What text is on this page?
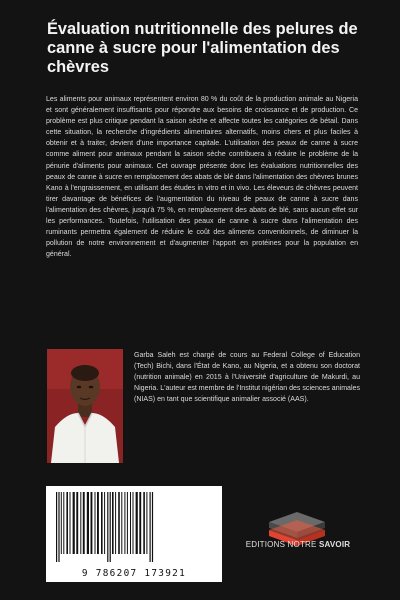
Évaluation nutritionnelle des pelures de canne à sucre pour l'alimentation des chèvres

Les aliments pour animaux représentent environ 80 % du coût de la production animale au Nigeria et sont généralement insuffisants pour répondre aux besoins de croissance et de production. Ce problème est plus critique pendant la saison sèche et affecte toutes les catégories de bétail. Dans cette situation, la recherche d'ingrédients alimentaires alternatifs, moins chers et plus faciles à obtenir et à traiter, devient d'une importance capitale. L'utilisation des peaux de canne à sucre comme aliment pour animaux pendant la saison sèche contribuera à réduire le problème de la pénurie d'aliments pour animaux. Cet ouvrage présente donc les évaluations nutritionnelles des peaux de canne à sucre en remplacement des abats de blé dans l'alimentation des chèvres brunes Kano à l'engraissement, en utilisant des études in vitro et in vivo. Les éleveurs de chèvres peuvent tirer davantage de bénéfices de l'augmentation du niveau de peaux de canne à sucre dans l'alimentation des chèvres, jusqu'à 75 %, en remplacement des abats de blé, sans aucun effet sur les performances. Toutefois, l'utilisation des peaux de canne à sucre dans l'alimentation des ruminants permettra également de réduire le coût des aliments conventionnels, de diminuer la pollution de notre environnement et d'augmenter l'apport en protéines pour la population en général.

Garba Saleh est chargé de cours au Federal College of Education (Tech) Bichi, dans l'État de Kano, au Nigeria, et a obtenu son doctorat (nutrition animale) en 2015 à l'Université d'agriculture de Makurdi, au Nigeria. L'auteur est membre de l'Institut nigérian des sciences animales (NIAS) en tant que scientifique animalier associé (AAS).

9 786207 173921
EDITIONS NOTRE SAVOIR
